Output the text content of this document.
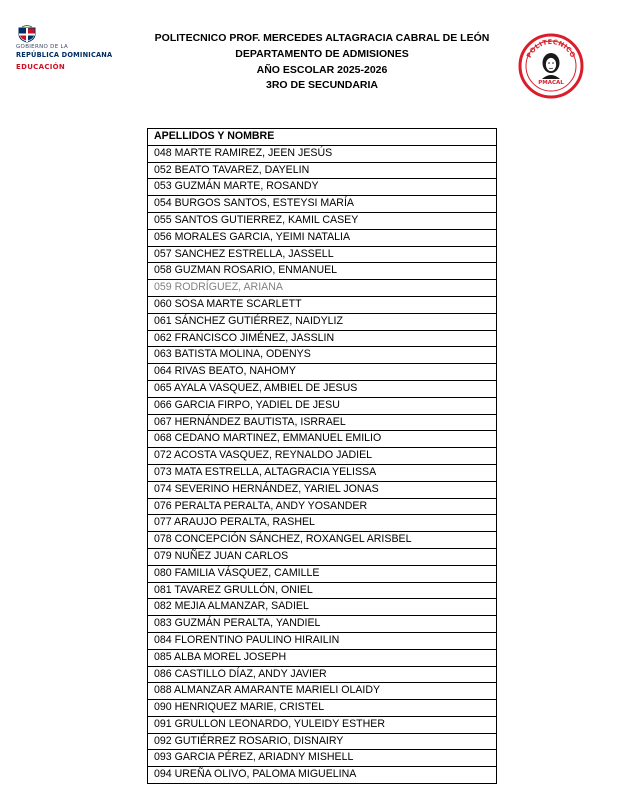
GOBIERNO DE LA
REPÚBLICA DOMINICANA
EDUCACIÓN
POLITECNICO PROF. MERCEDES ALTAGRACIA CABRAL DE LEÓN
DEPARTAMENTO DE ADMISIONES
AÑO ESCOLAR 2025-2026
3RO DE SECUNDARIA
POLITECNICO
PMACAL
APELLIDOS Y NOMBRE
048 MARTE RAMIREZ, JEEN JESÚS
052 BEATO TAVAREZ, DAYELIN
053 GUZMÁN MARTE, ROSANDY
054 BURGOS SANTOS, ESTEYSI MARÍA
055 SANTOS GUTIERREZ, KAMIL CASEY
056 MORALES GARCIA, YEIMI NATALIA
057 SANCHEZ ESTRELLA, JASSELL
058 GUZMAN ROSARIO, ENMANUEL
059 RODRÍGUEZ, ARIANA
060 SOSA MARTE SCARLETT
061 SÁNCHEZ GUTIÉRREZ, NAIDYLIZ
062 FRANCISCO JIMÉNEZ, JASSLIN
063 BATISTA MOLINA, ODENYS
064 RIVAS BEATO, NAHOMY
065 AYALA VASQUEZ, AMBIEL DE JESUS
066 GARCIA FIRPO, YADIEL DE JESU
067 HERNÁNDEZ BAUTISTA, ISRRAEL
068 CEDANO MARTINEZ, EMMANUEL EMILIO
072 ACOSTA VASQUEZ, REYNALDO JADIEL
073 MATA ESTRELLA, ALTAGRACIA YELISSA
074 SEVERINO HERNÁNDEZ, YARIEL JONAS
076 PERALTA PERALTA, ANDY YOSANDER
077 ARAUJO PERALTA, RASHEL
078 CONCEPCIÓN SÁNCHEZ, ROXANGEL ARISBEL
079 NUÑEZ JUAN CARLOS
080 FAMILIA VÁSQUEZ, CAMILLE
081 TAVAREZ GRULLÓN, ONIEL
082 MEJIA ALMANZAR, SADIEL
083 GUZMÁN PERALTA, YANDIEL
084 FLORENTINO PAULINO HIRAILIN
085 ALBA MOREL JOSEPH
086 CASTILLO DÍAZ, ANDY JAVIER
088 ALMANZAR AMARANTE MARIELI OLAIDY
090 HENRIQUEZ MARIE, CRISTEL
091 GRULLON LEONARDO, YULEIDY ESTHER
092 GUTIÉRREZ ROSARIO, DISNAIRY
093 GARCIA PÉREZ, ARIADNY MISHELL
094 UREÑA OLIVO, PALOMA MIGUELINA
